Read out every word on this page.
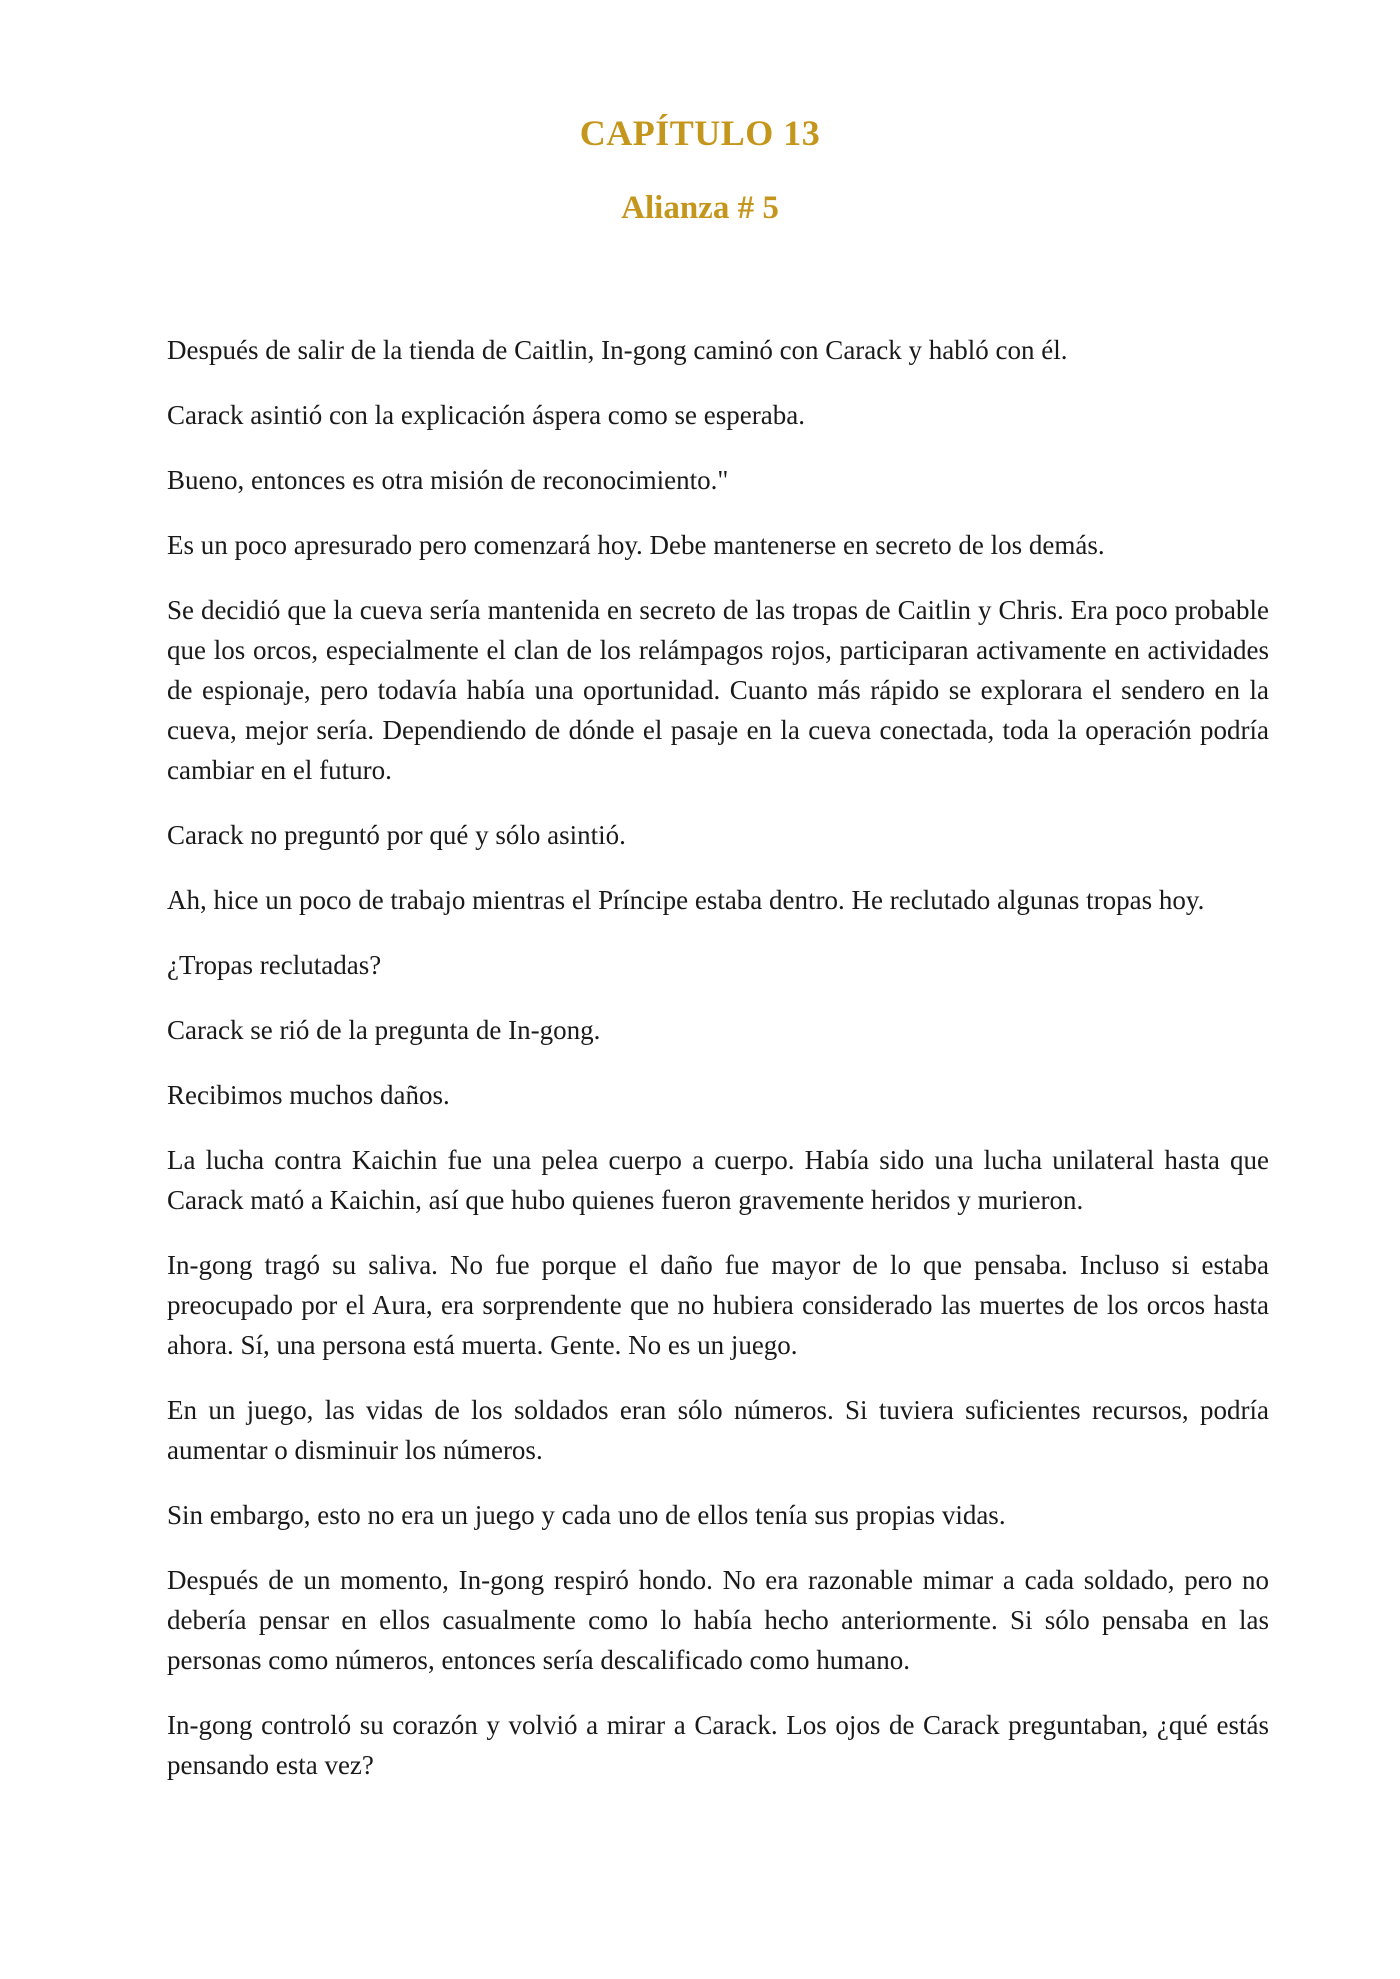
CAPÍTULO 13
Alianza # 5

Después de salir de la tienda de Caitlin, In-gong caminó con Carack y habló con él.

Carack asintió con la explicación áspera como se esperaba.

Bueno, entonces es otra misión de reconocimiento."

Es un poco apresurado pero comenzará hoy. Debe mantenerse en secreto de los demás.

Se decidió que la cueva sería mantenida en secreto de las tropas de Caitlin y Chris. Era poco probable que los orcos, especialmente el clan de los relámpagos rojos, participaran activamente en actividades de espionaje, pero todavía había una oportunidad. Cuanto más rápido se explorara el sendero en la cueva, mejor sería. Dependiendo de dónde el pasaje en la cueva conectada, toda la operación podría cambiar en el futuro.

Carack no preguntó por qué y sólo asintió.

Ah, hice un poco de trabajo mientras el Príncipe estaba dentro. He reclutado algunas tropas hoy.

¿Tropas reclutadas?

Carack se rió de la pregunta de In-gong.

Recibimos muchos daños.

La lucha contra Kaichin fue una pelea cuerpo a cuerpo. Había sido una lucha unilateral hasta que Carack mató a Kaichin, así que hubo quienes fueron gravemente heridos y murieron.

In-gong tragó su saliva. No fue porque el daño fue mayor de lo que pensaba. Incluso si estaba preocupado por el Aura, era sorprendente que no hubiera considerado las muertes de los orcos hasta ahora. Sí, una persona está muerta. Gente. No es un juego.

En un juego, las vidas de los soldados eran sólo números. Si tuviera suficientes recursos, podría aumentar o disminuir los números.

Sin embargo, esto no era un juego y cada uno de ellos tenía sus propias vidas.

Después de un momento, In-gong respiró hondo. No era razonable mimar a cada soldado, pero no debería pensar en ellos casualmente como lo había hecho anteriormente. Si sólo pensaba en las personas como números, entonces sería descalificado como humano.

In-gong controló su corazón y volvió a mirar a Carack. Los ojos de Carack preguntaban, ¿qué estás pensando esta vez?
